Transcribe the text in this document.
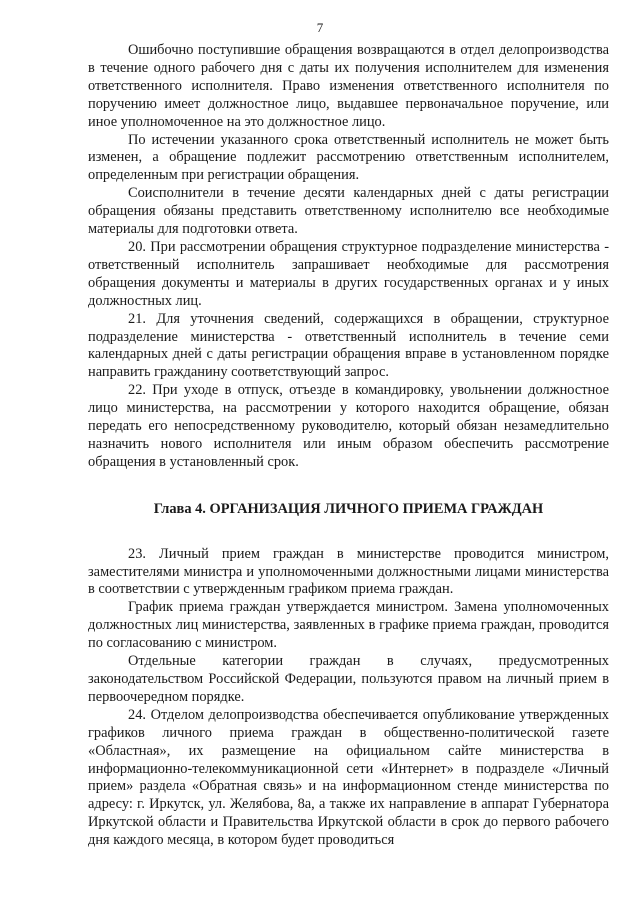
7

Ошибочно поступившие обращения возвращаются в отдел делопроизводства в течение одного рабочего дня с даты их получения исполнителем для изменения ответственного исполнителя. Право изменения ответственного исполнителя по поручению имеет должностное лицо, выдавшее первоначальное поручение, или иное уполномоченное на это должностное лицо.

По истечении указанного срока ответственный исполнитель не может быть изменен, а обращение подлежит рассмотрению ответственным исполнителем, определенным при регистрации обращения.

Соисполнители в течение десяти календарных дней с даты регистрации обращения обязаны представить ответственному исполнителю все необходимые материалы для подготовки ответа.

20. При рассмотрении обращения структурное подразделение министерства - ответственный исполнитель запрашивает необходимые для рассмотрения обращения документы и материалы в других государственных органах и у иных должностных лиц.

21. Для уточнения сведений, содержащихся в обращении, структурное подразделение министерства - ответственный исполнитель в течение семи календарных дней с даты регистрации обращения вправе в установленном порядке направить гражданину соответствующий запрос.

22. При уходе в отпуск, отъезде в командировку, увольнении должностное лицо министерства, на рассмотрении у которого находится обращение, обязан передать его непосредственному руководителю, который обязан незамедлительно назначить нового исполнителя или иным образом обеспечить рассмотрение обращения в установленный срок.

Глава 4. ОРГАНИЗАЦИЯ ЛИЧНОГО ПРИЕМА ГРАЖДАН

23. Личный прием граждан в министерстве проводится министром, заместителями министра и уполномоченными должностными лицами министерства в соответствии с утвержденным графиком приема граждан.

График приема граждан утверждается министром. Замена уполномоченных должностных лиц министерства, заявленных в графике приема граждан, проводится по согласованию с министром.

Отдельные категории граждан в случаях, предусмотренных законодательством Российской Федерации, пользуются правом на личный прием в первоочередном порядке.

24. Отделом делопроизводства обеспечивается опубликование утвержденных графиков личного приема граждан в общественно-политической газете «Областная», их размещение на официальном сайте министерства в информационно-телекоммуникационной сети «Интернет» в подразделе «Личный прием» раздела «Обратная связь» и на информационном стенде министерства по адресу: г. Иркутск, ул. Желябова, 8а, а также их направление в аппарат Губернатора Иркутской области и Правительства Иркутской области в срок до первого рабочего дня каждого месяца, в котором будет проводиться
